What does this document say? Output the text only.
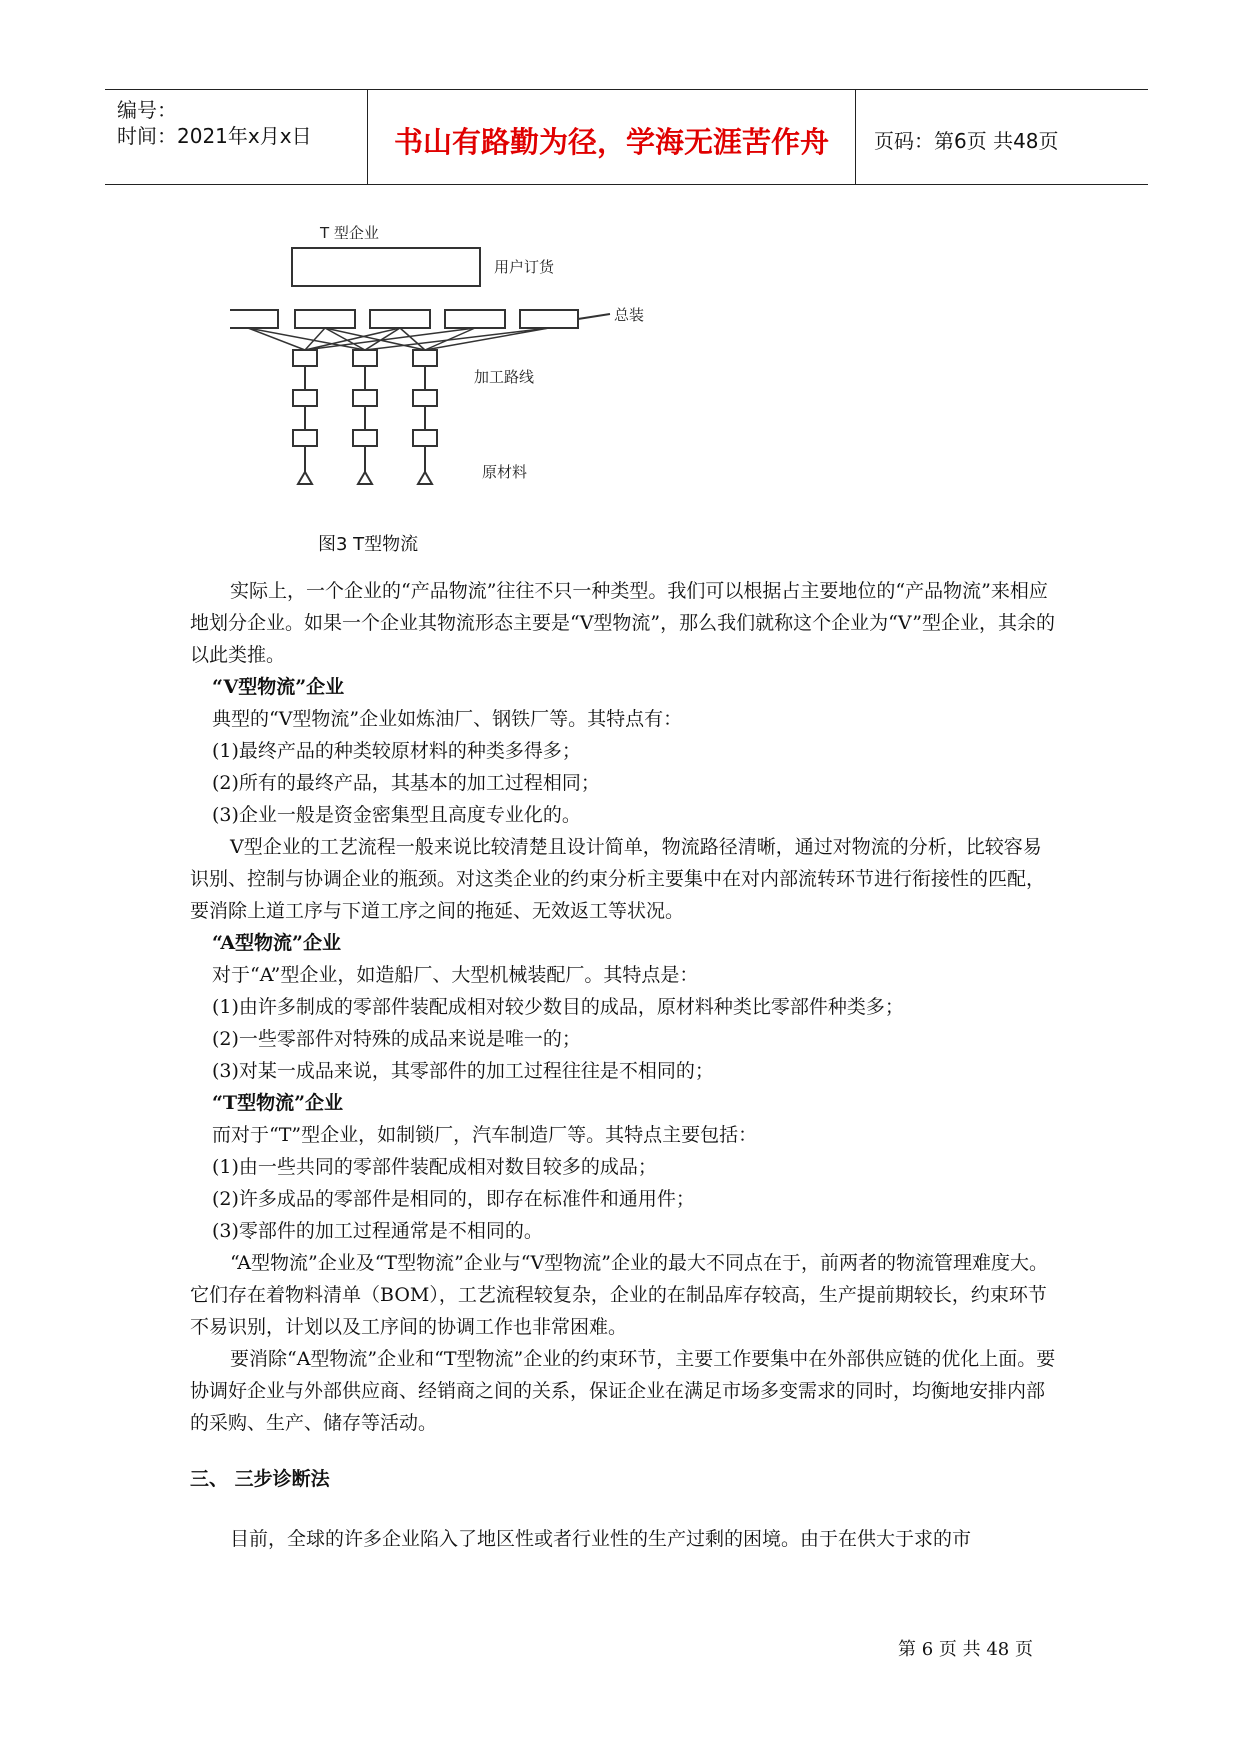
编号：
时间：2021年x月x日	书山有路勤为径，学海无涯苦作舟	页码：第6页 共48页
T 型企业
用户订货
总装
加工路线
原材料
图3 T型物流

实际上，一个企业的“产品物流”往往不只一种类型。我们可以根据占主要地位的“产品物流”来相应地划分企业。如果一个企业其物流形态主要是“V型物流”，那么我们就称这个企业为“V”型企业，其余的以此类推。

“V型物流”企业

典型的“V型物流”企业如炼油厂、钢铁厂等。其特点有：

(1)最终产品的种类较原材料的种类多得多；

(2)所有的最终产品，其基本的加工过程相同；

(3)企业一般是资金密集型且高度专业化的。

V型企业的工艺流程一般来说比较清楚且设计简单，物流路径清晰，通过对物流的分析，比较容易识别、控制与协调企业的瓶颈。对这类企业的约束分析主要集中在对内部流转环节进行衔接性的匹配，要消除上道工序与下道工序之间的拖延、无效返工等状况。

“A型物流”企业

对于“A”型企业，如造船厂、大型机械装配厂。其特点是：

(1)由许多制成的零部件装配成相对较少数目的成品，原材料种类比零部件种类多；

(2)一些零部件对特殊的成品来说是唯一的；

(3)对某一成品来说，其零部件的加工过程往往是不相同的；

“T型物流”企业

而对于“T”型企业，如制锁厂，汽车制造厂等。其特点主要包括：

(1)由一些共同的零部件装配成相对数目较多的成品；

(2)许多成品的零部件是相同的，即存在标准件和通用件；

(3)零部件的加工过程通常是不相同的。

“A型物流”企业及“T型物流”企业与“V型物流”企业的最大不同点在于，前两者的物流管理难度大。它们存在着物料清单（BOM），工艺流程较复杂，企业的在制品库存较高，生产提前期较长，约束环节不易识别，计划以及工序间的协调工作也非常困难。

要消除“A型物流”企业和“T型物流”企业的约束环节，主要工作要集中在外部供应链的优化上面。要协调好企业与外部供应商、经销商之间的关系，保证企业在满足市场多变需求的同时，均衡地安排内部的采购、生产、储存等活动。

三、 三步诊断法

目前，全球的许多企业陷入了地区性或者行业性的生产过剩的困境。由于在供大于求的市

第 6 页 共 48 页
